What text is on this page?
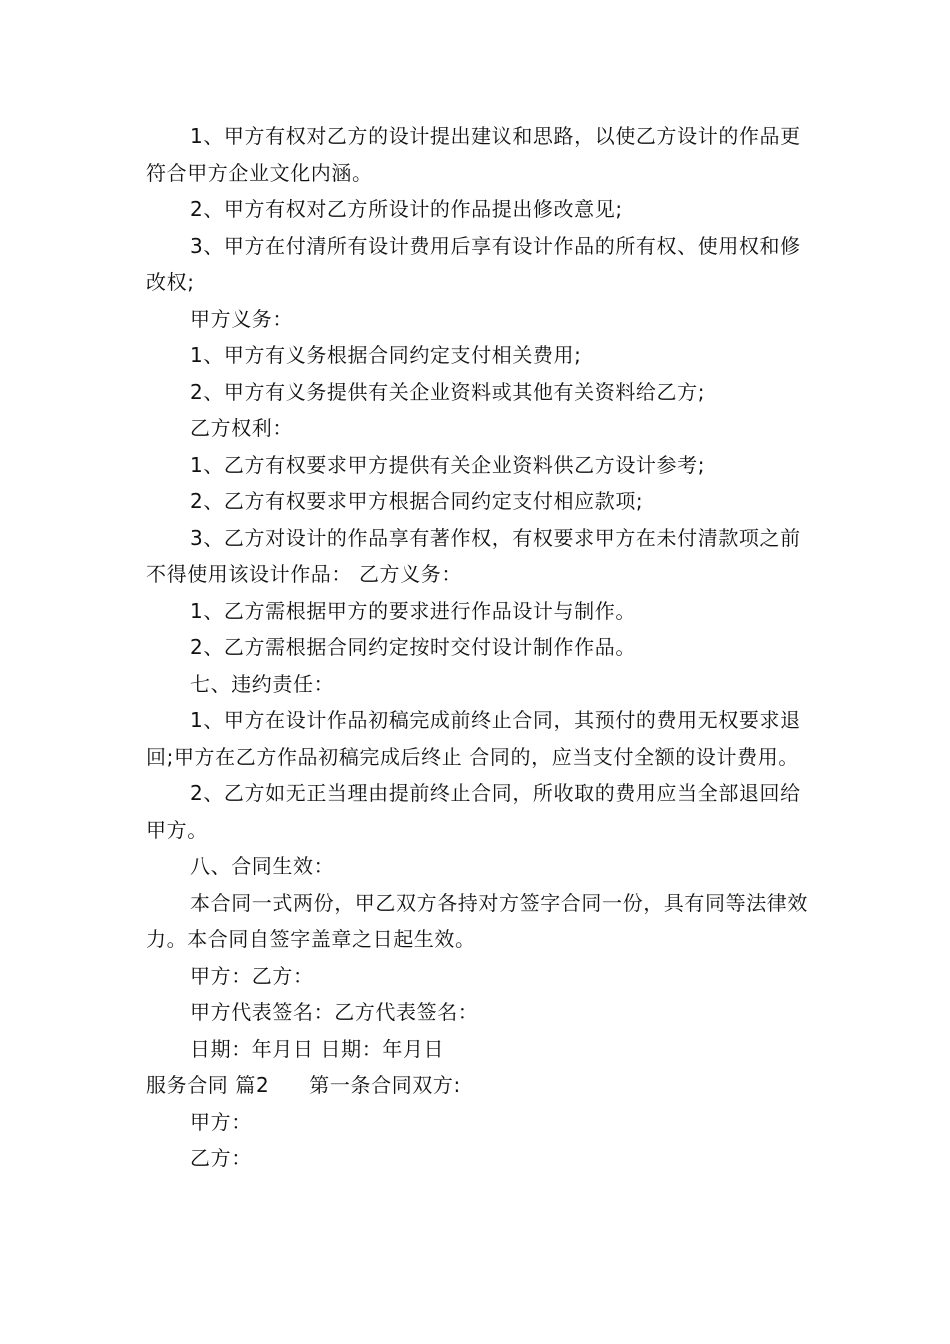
1、甲方有权对乙方的设计提出建议和思路，以使乙方设计的作品更符合甲方企业文化内涵。

2、甲方有权对乙方所设计的作品提出修改意见;

3、甲方在付清所有设计费用后享有设计作品的所有权、使用权和修改权;

甲方义务：

1、甲方有义务根据合同约定支付相关费用;

2、甲方有义务提供有关企业资料或其他有关资料给乙方;

乙方权利：

1、乙方有权要求甲方提供有关企业资料供乙方设计参考;

2、乙方有权要求甲方根据合同约定支付相应款项;

3、乙方对设计的作品享有著作权，有权要求甲方在未付清款项之前不得使用该设计作品： 乙方义务：

1、乙方需根据甲方的要求进行作品设计与制作。

2、乙方需根据合同约定按时交付设计制作作品。

七、违约责任：

1、甲方在设计作品初稿完成前终止合同，其预付的费用无权要求退回;甲方在乙方作品初稿完成后终止 合同的，应当支付全额的设计费用。

2、乙方如无正当理由提前终止合同，所收取的费用应当全部退回给甲方。

八、合同生效：

本合同一式两份，甲乙双方各持对方签字合同一份，具有同等法律效力。本合同自签字盖章之日起生效。

甲方：乙方：

甲方代表签名：乙方代表签名：

日期：年月日 日期：年月日

服务合同 篇2 第一条合同双方:

甲方：

乙方：
